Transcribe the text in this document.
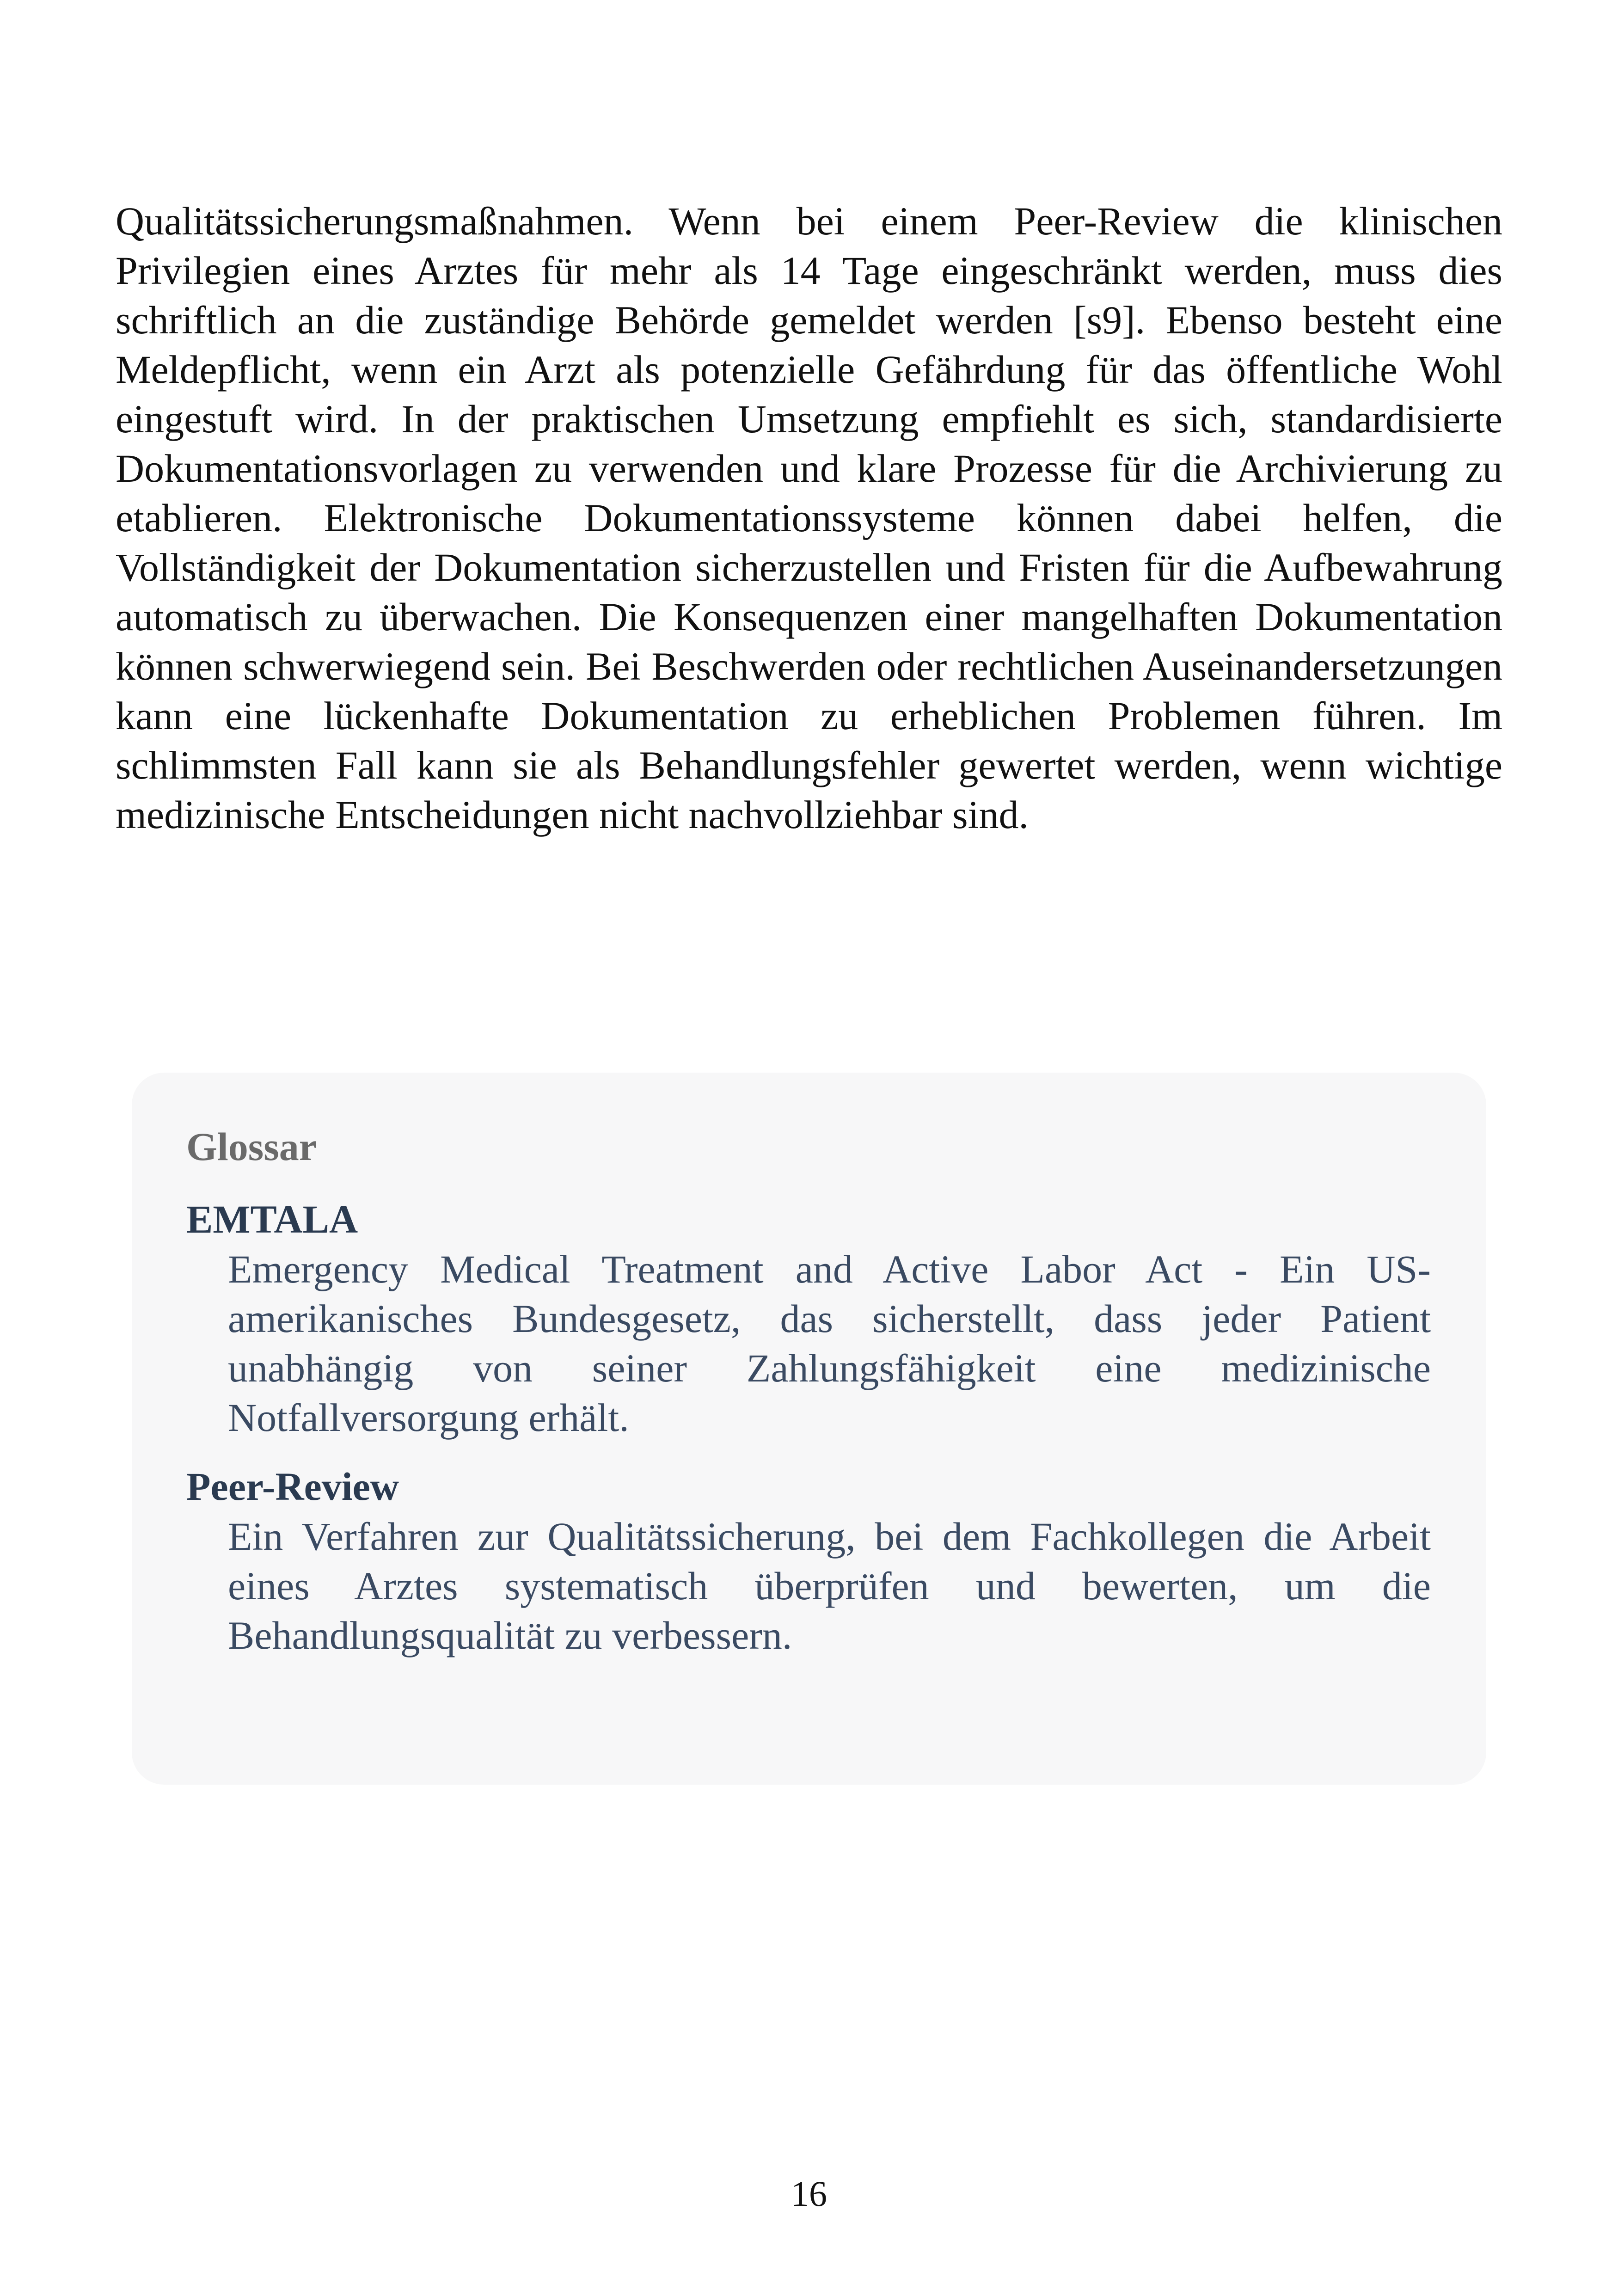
Qualitätssicherungsmaßnahmen. Wenn bei einem Peer-Review die klinischen Privilegien eines Arztes für mehr als 14 Tage eingeschränkt werden, muss dies schriftlich an die zuständige Behörde gemeldet werden [s9]. Ebenso besteht eine Meldepflicht, wenn ein Arzt als potenzielle Gefährdung für das öffentliche Wohl eingestuft wird. In der praktischen Umsetzung empfiehlt es sich, standardisierte Dokumentationsvorlagen zu verwenden und klare Prozesse für die Archivierung zu etablieren. Elektronische Dokumentationssysteme können dabei helfen, die Vollständigkeit der Dokumentation sicherzustellen und Fristen für die Aufbewahrung automatisch zu überwachen. Die Konsequenzen einer mangelhaften Dokumentation können schwerwiegend sein. Bei Beschwerden oder rechtlichen Auseinandersetzungen kann eine lückenhafte Dokumentation zu erheblichen Problemen führen. Im schlimmsten Fall kann sie als Behandlungsfehler gewertet werden, wenn wichtige medizinische Entscheidungen nicht nachvollziehbar sind.

Glossar
EMTALA

Emergency Medical Treatment and Active Labor Act - Ein US-amerikanisches Bundesgesetz, das sicherstellt, dass jeder Patient unabhängig von seiner Zahlungsfähigkeit eine medizinische Notfallversorgung erhält.

Peer-Review

Ein Verfahren zur Qualitätssicherung, bei dem Fachkollegen die Arbeit eines Arztes systematisch überprüfen und bewerten, um die Behandlungsqualität zu verbessern.

16
